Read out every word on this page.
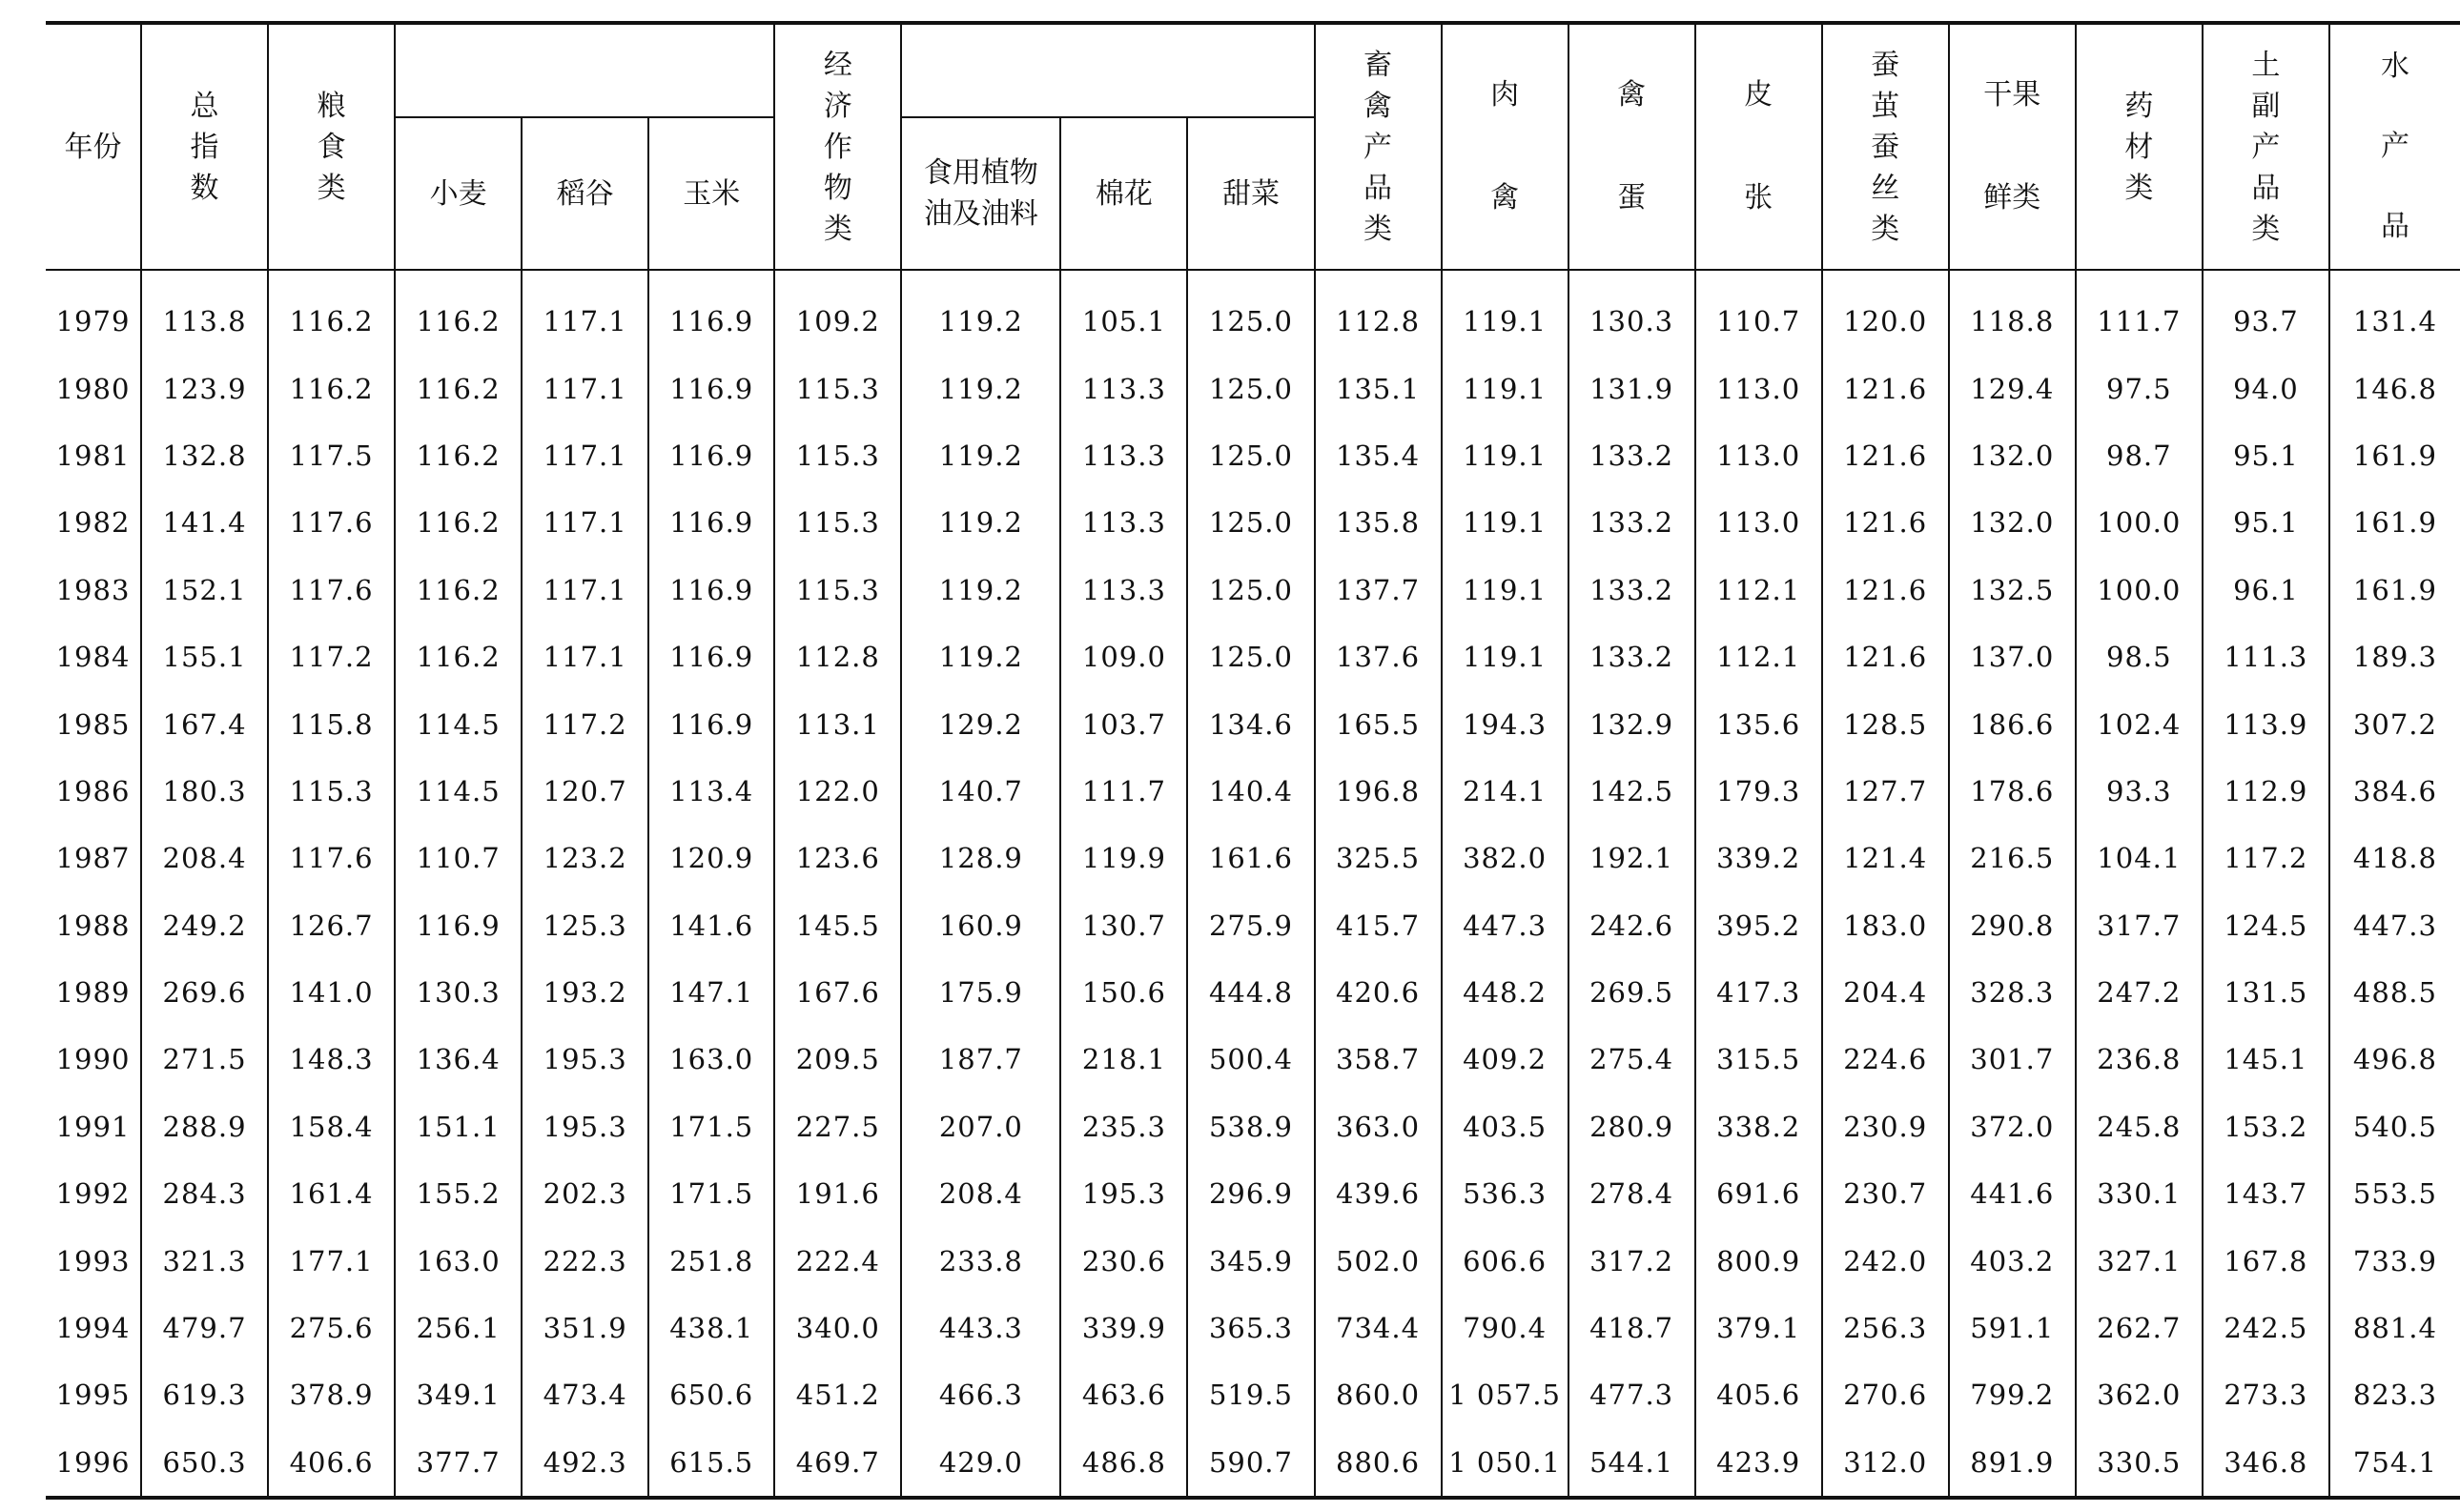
年份	总指数	粮食类				经济作物类				畜禽产品类	肉禽	禽蛋	皮张	蚕茧蚕丝类	干果鲜类	药材类	土副产品类	水产品
			小麦	稻谷	玉米		食用植物油及油料	棉花	甜菜									
1979	113.8	116.2	116.2	117.1	116.9	109.2	119.2	105.1	125.0	112.8	119.1	130.3	110.7	120.0	118.8	111.7	93.7	131.4
1980	123.9	116.2	116.2	117.1	116.9	115.3	119.2	113.3	125.0	135.1	119.1	131.9	113.0	121.6	129.4	97.5	94.0	146.8
1981	132.8	117.5	116.2	117.1	116.9	115.3	119.2	113.3	125.0	135.4	119.1	133.2	113.0	121.6	132.0	98.7	95.1	161.9
1982	141.4	117.6	116.2	117.1	116.9	115.3	119.2	113.3	125.0	135.8	119.1	133.2	113.0	121.6	132.0	100.0	95.1	161.9
1983	152.1	117.6	116.2	117.1	116.9	115.3	119.2	113.3	125.0	137.7	119.1	133.2	112.1	121.6	132.5	100.0	96.1	161.9
1984	155.1	117.2	116.2	117.1	116.9	112.8	119.2	109.0	125.0	137.6	119.1	133.2	112.1	121.6	137.0	98.5	111.3	189.3
1985	167.4	115.8	114.5	117.2	116.9	113.1	129.2	103.7	134.6	165.5	194.3	132.9	135.6	128.5	186.6	102.4	113.9	307.2
1986	180.3	115.3	114.5	120.7	113.4	122.0	140.7	111.7	140.4	196.8	214.1	142.5	179.3	127.7	178.6	93.3	112.9	384.6
1987	208.4	117.6	110.7	123.2	120.9	123.6	128.9	119.9	161.6	325.5	382.0	192.1	339.2	121.4	216.5	104.1	117.2	418.8
1988	249.2	126.7	116.9	125.3	141.6	145.5	160.9	130.7	275.9	415.7	447.3	242.6	395.2	183.0	290.8	317.7	124.5	447.3
1989	269.6	141.0	130.3	193.2	147.1	167.6	175.9	150.6	444.8	420.6	448.2	269.5	417.3	204.4	328.3	247.2	131.5	488.5
1990	271.5	148.3	136.4	195.3	163.0	209.5	187.7	218.1	500.4	358.7	409.2	275.4	315.5	224.6	301.7	236.8	145.1	496.8
1991	288.9	158.4	151.1	195.3	171.5	227.5	207.0	235.3	538.9	363.0	403.5	280.9	338.2	230.9	372.0	245.8	153.2	540.5
1992	284.3	161.4	155.2	202.3	171.5	191.6	208.4	195.3	296.9	439.6	536.3	278.4	691.6	230.7	441.6	330.1	143.7	553.5
1993	321.3	177.1	163.0	222.3	251.8	222.4	233.8	230.6	345.9	502.0	606.6	317.2	800.9	242.0	403.2	327.1	167.8	733.9
1994	479.7	275.6	256.1	351.9	438.1	340.0	443.3	339.9	365.3	734.4	790.4	418.7	379.1	256.3	591.1	262.7	242.5	881.4
1995	619.3	378.9	349.1	473.4	650.6	451.2	466.3	463.6	519.5	860.0	1 057.5	477.3	405.6	270.6	799.2	362.0	273.3	823.3
1996	650.3	406.6	377.7	492.3	615.5	469.7	429.0	486.8	590.7	880.6	1 050.1	544.1	423.9	312.0	891.9	330.5	346.8	754.1
